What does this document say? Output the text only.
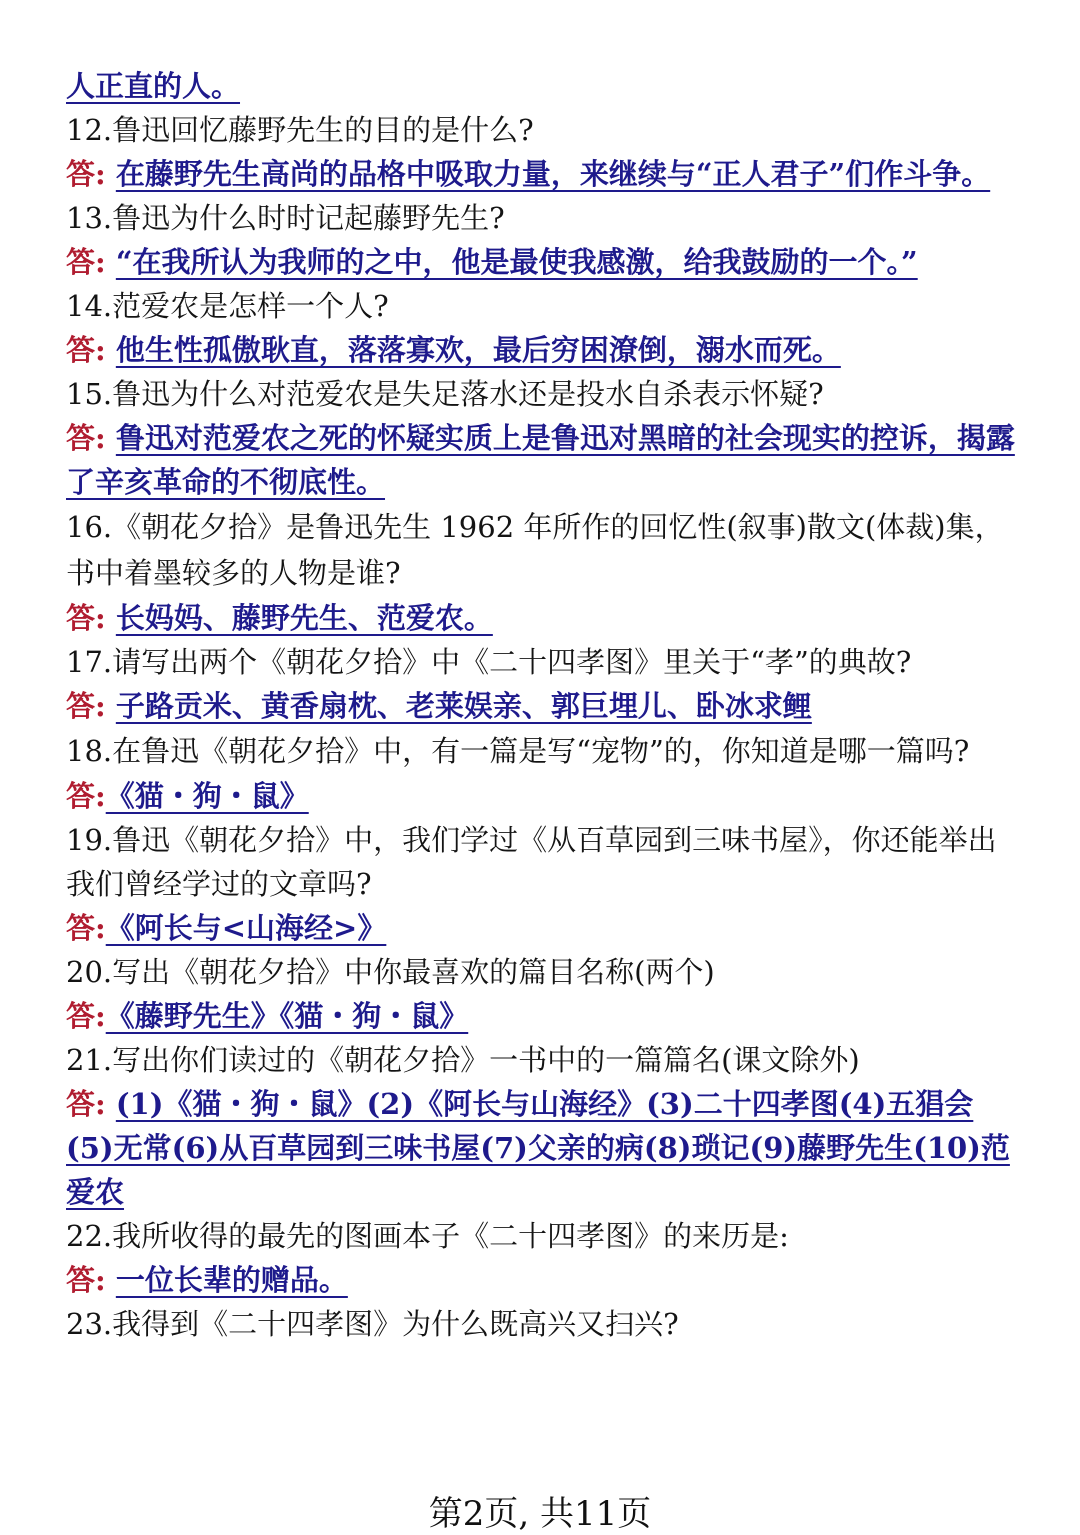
人正直的人。
12.鲁迅回忆藤野先生的目的是什么?
答: 在藤野先生高尚的品格中吸取力量，来继续与“正人君子”们作斗争。
13.鲁迅为什么时时记起藤野先生?
答: “在我所认为我师的之中，他是最使我感激，给我鼓励的一个。”
14.范爱农是怎样一个人?
答: 他生性孤傲耿直，落落寡欢，最后穷困潦倒，溺水而死。
15.鲁迅为什么对范爱农是失足落水还是投水自杀表示怀疑?
答: 鲁迅对范爱农之死的怀疑实质上是鲁迅对黑暗的社会现实的控诉，揭露了辛亥革命的不彻底性。
16.《朝花夕拾》是鲁迅先生 1962 年所作的回忆性(叙事)散文(体裁)集，书中着墨较多的人物是谁?
答: 长妈妈、藤野先生、范爱农。
17.请写出两个《朝花夕拾》中《二十四孝图》里关于“孝”的典故?
答: 子路贡米、黄香扇枕、老莱娱亲、郭巨埋儿、卧冰求鲤
18.在鲁迅《朝花夕拾》中，有一篇是写“宠物”的，你知道是哪一篇吗?
答:《猫・狗・鼠》
19.鲁迅《朝花夕拾》中，我们学过《从百草园到三味书屋》，你还能举出我们曾经学过的文章吗?
答:《阿长与<山海经>》
20.写出《朝花夕拾》中你最喜欢的篇目名称(两个)
答:《藤野先生》《猫・狗・鼠》
21.写出你们读过的《朝花夕拾》一书中的一篇篇名(课文除外)
答: (1)《猫・狗・鼠》(2)《阿长与山海经》(3)二十四孝图(4)五猖会(5)无常(6)从百草园到三味书屋(7)父亲的病(8)琐记(9)藤野先生(10)范爱农
22.我所收得的最先的图画本子《二十四孝图》的来历是:
答: 一位长辈的赠品。
23.我得到《二十四孝图》为什么既高兴又扫兴?
第2页, 共11页
